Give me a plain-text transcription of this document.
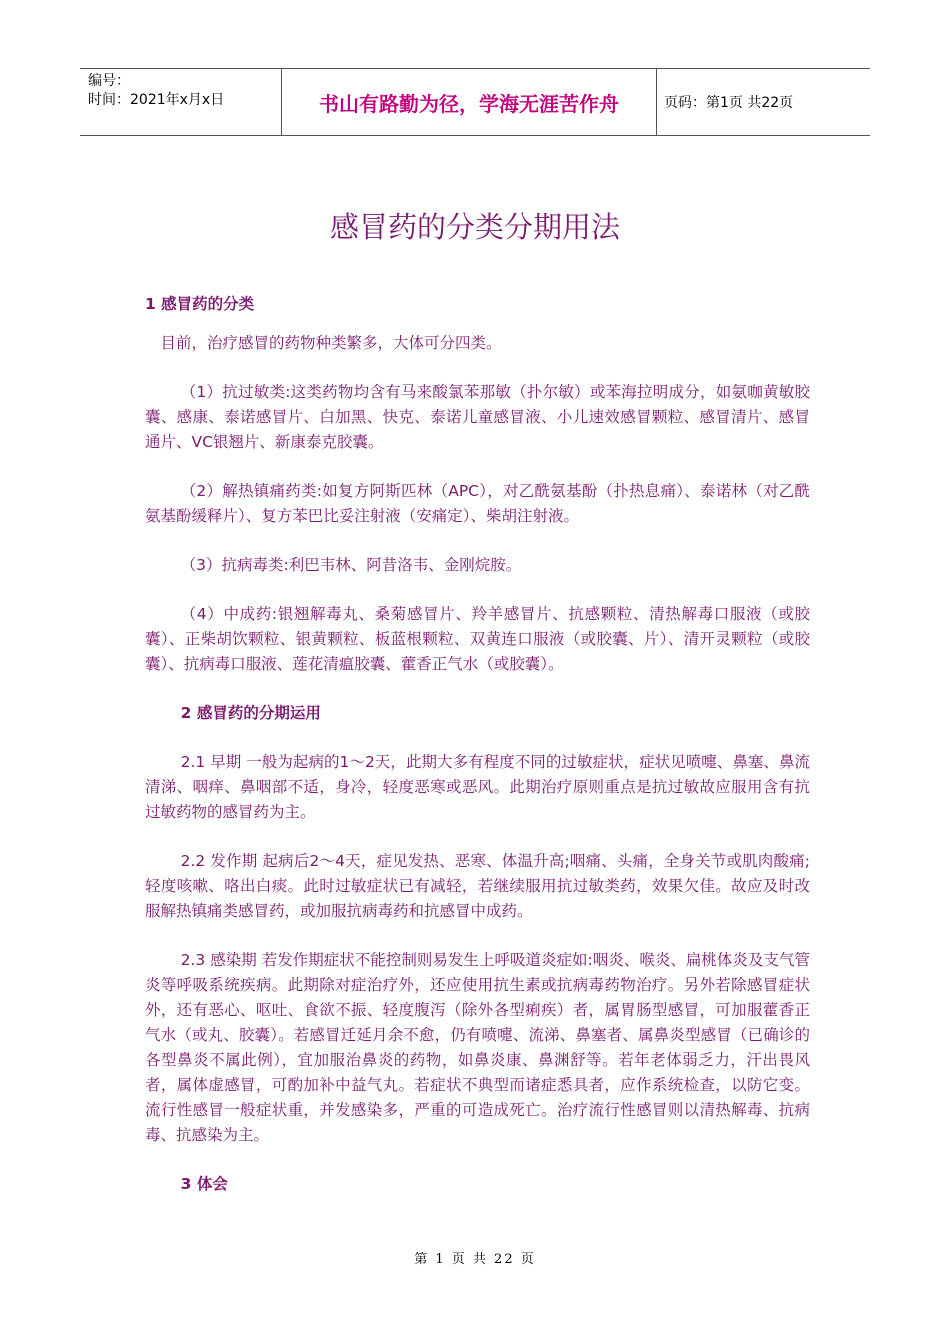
编号：
时间：2021年x月x日	书山有路勤为径，学海无涯苦作舟	页码：第1页 共22页
感冒药的分类分期用法

1 感冒药的分类

目前，治疗感冒的药物种类繁多，大体可分四类。

（1）抗过敏类:这类药物均含有马来酸氯苯那敏（扑尔敏）或苯海拉明成分，如氨咖黄敏胶囊、感康、泰诺感冒片、白加黑、快克、泰诺儿童感冒液、小儿速效感冒颗粒、感冒清片、感冒通片、VC银翘片、新康泰克胶囊。

（2）解热镇痛药类:如复方阿斯匹林（APC），对乙酰氨基酚（扑热息痛）、泰诺林（对乙酰氨基酚缓释片）、复方苯巴比妥注射液（安痛定）、柴胡注射液。

（3）抗病毒类:利巴韦林、阿昔洛韦、金刚烷胺。

（4）中成药:银翘解毒丸、桑菊感冒片、羚羊感冒片、抗感颗粒、清热解毒口服液（或胶囊）、正柴胡饮颗粒、银黄颗粒、板蓝根颗粒、双黄连口服液（或胶囊、片）、清开灵颗粒（或胶囊）、抗病毒口服液、莲花清瘟胶囊、藿香正气水（或胶囊）。

2 感冒药的分期运用

2.1 早期 一般为起病的1～2天，此期大多有程度不同的过敏症状，症状见喷嚏、鼻塞、鼻流清涕、咽痒、鼻咽部不适，身冷，轻度恶寒或恶风。此期治疗原则重点是抗过敏故应服用含有抗过敏药物的感冒药为主。

2.2 发作期 起病后2～4天，症见发热、恶寒、体温升高;咽痛、头痛，全身关节或肌肉酸痛;轻度咳嗽、咯出白痰。此时过敏症状已有减轻，若继续服用抗过敏类药，效果欠佳。故应及时改服解热镇痛类感冒药，或加服抗病毒药和抗感冒中成药。

2.3 感染期 若发作期症状不能控制则易发生上呼吸道炎症如:咽炎、喉炎、扁桃体炎及支气管炎等呼吸系统疾病。此期除对症治疗外，还应使用抗生素或抗病毒药物治疗。另外若除感冒症状外，还有恶心、呕吐、食欲不振、轻度腹泻（除外各型痢疾）者，属胃肠型感冒，可加服藿香正气水（或丸、胶囊）。若感冒迁延月余不愈，仍有喷嚏、流涕、鼻塞者、属鼻炎型感冒（已确诊的各型鼻炎不属此例），宜加服治鼻炎的药物，如鼻炎康、鼻渊舒等。若年老体弱乏力，汗出畏风者，属体虚感冒，可酌加补中益气丸。若症状不典型而诸症悉具者，应作系统检查，以防它变。流行性感冒一般症状重，并发感染多，严重的可造成死亡。治疗流行性感冒则以清热解毒、抗病毒、抗感染为主。

3 体会

第 1 页 共 22 页
